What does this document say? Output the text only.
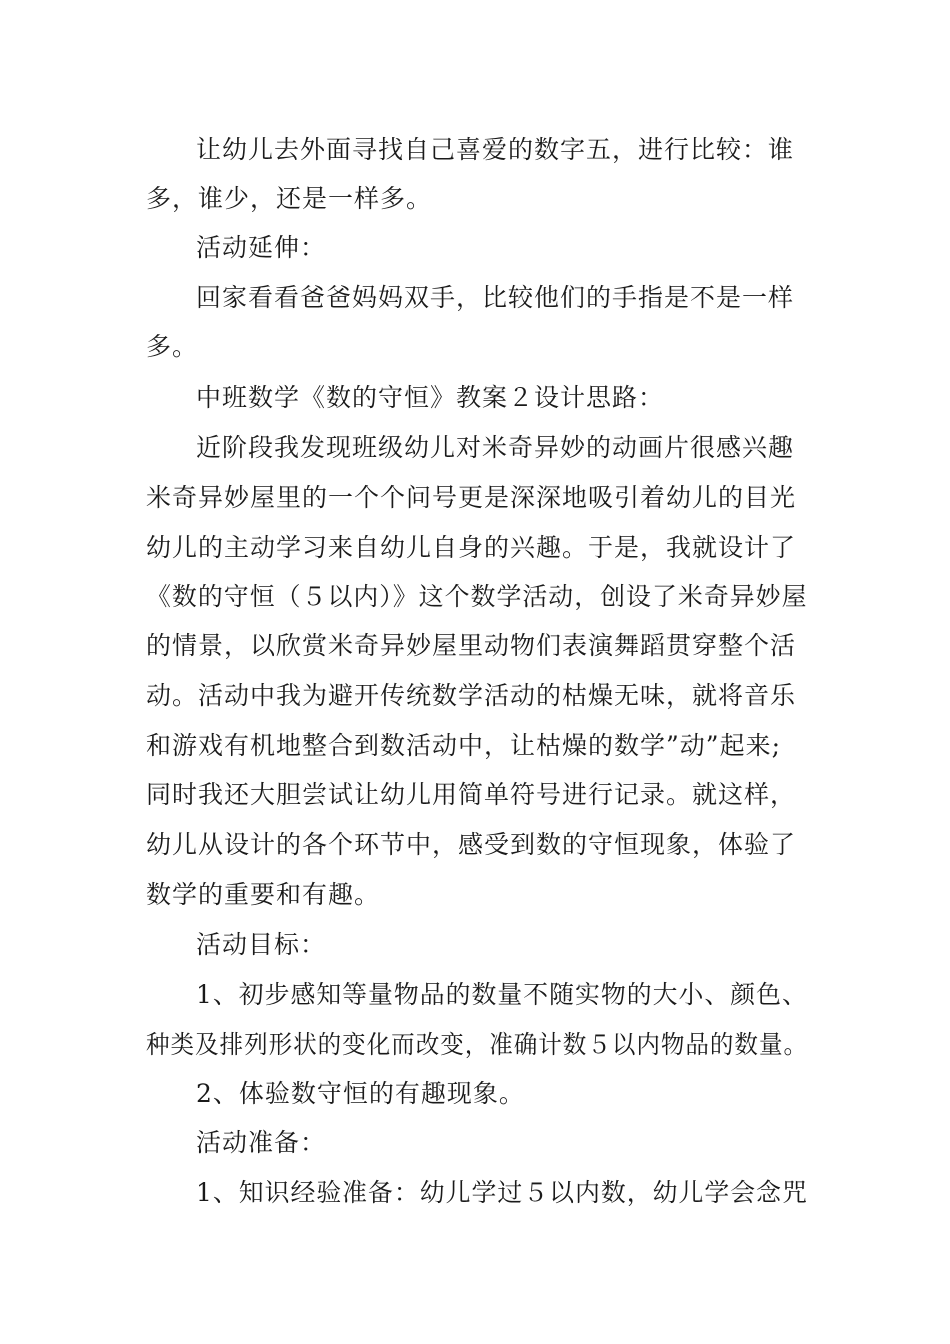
让幼儿去外面寻找自己喜爱的数字五，进行比较：谁
多，谁少，还是一样多。
活动延伸：
回家看看爸爸妈妈双手，比较他们的手指是不是一样
多。
中班数学《数的守恒》教案２设计思路：
近阶段我发现班级幼儿对米奇异妙的动画片很感兴趣
米奇异妙屋里的一个个问号更是深深地吸引着幼儿的目光
幼儿的主动学习来自幼儿自身的兴趣。于是，我就设计了
《数的守恒（５以内）》这个数学活动，创设了米奇异妙屋
的情景，以欣赏米奇异妙屋里动物们表演舞蹈贯穿整个活
动。活动中我为避开传统数学活动的枯燥无味，就将音乐
和游戏有机地整合到数活动中，让枯燥的数学”动”起来;
同时我还大胆尝试让幼儿用简单符号进行记录。就这样，
幼儿从设计的各个环节中，感受到数的守恒现象，体验了
数学的重要和有趣。
活动目标：
1、初步感知等量物品的数量不随实物的大小、颜色、
种类及排列形状的变化而改变，准确计数５以内物品的数量。
2、体验数守恒的有趣现象。
活动准备：
1、知识经验准备：幼儿学过５以内数，幼儿学会念咒
